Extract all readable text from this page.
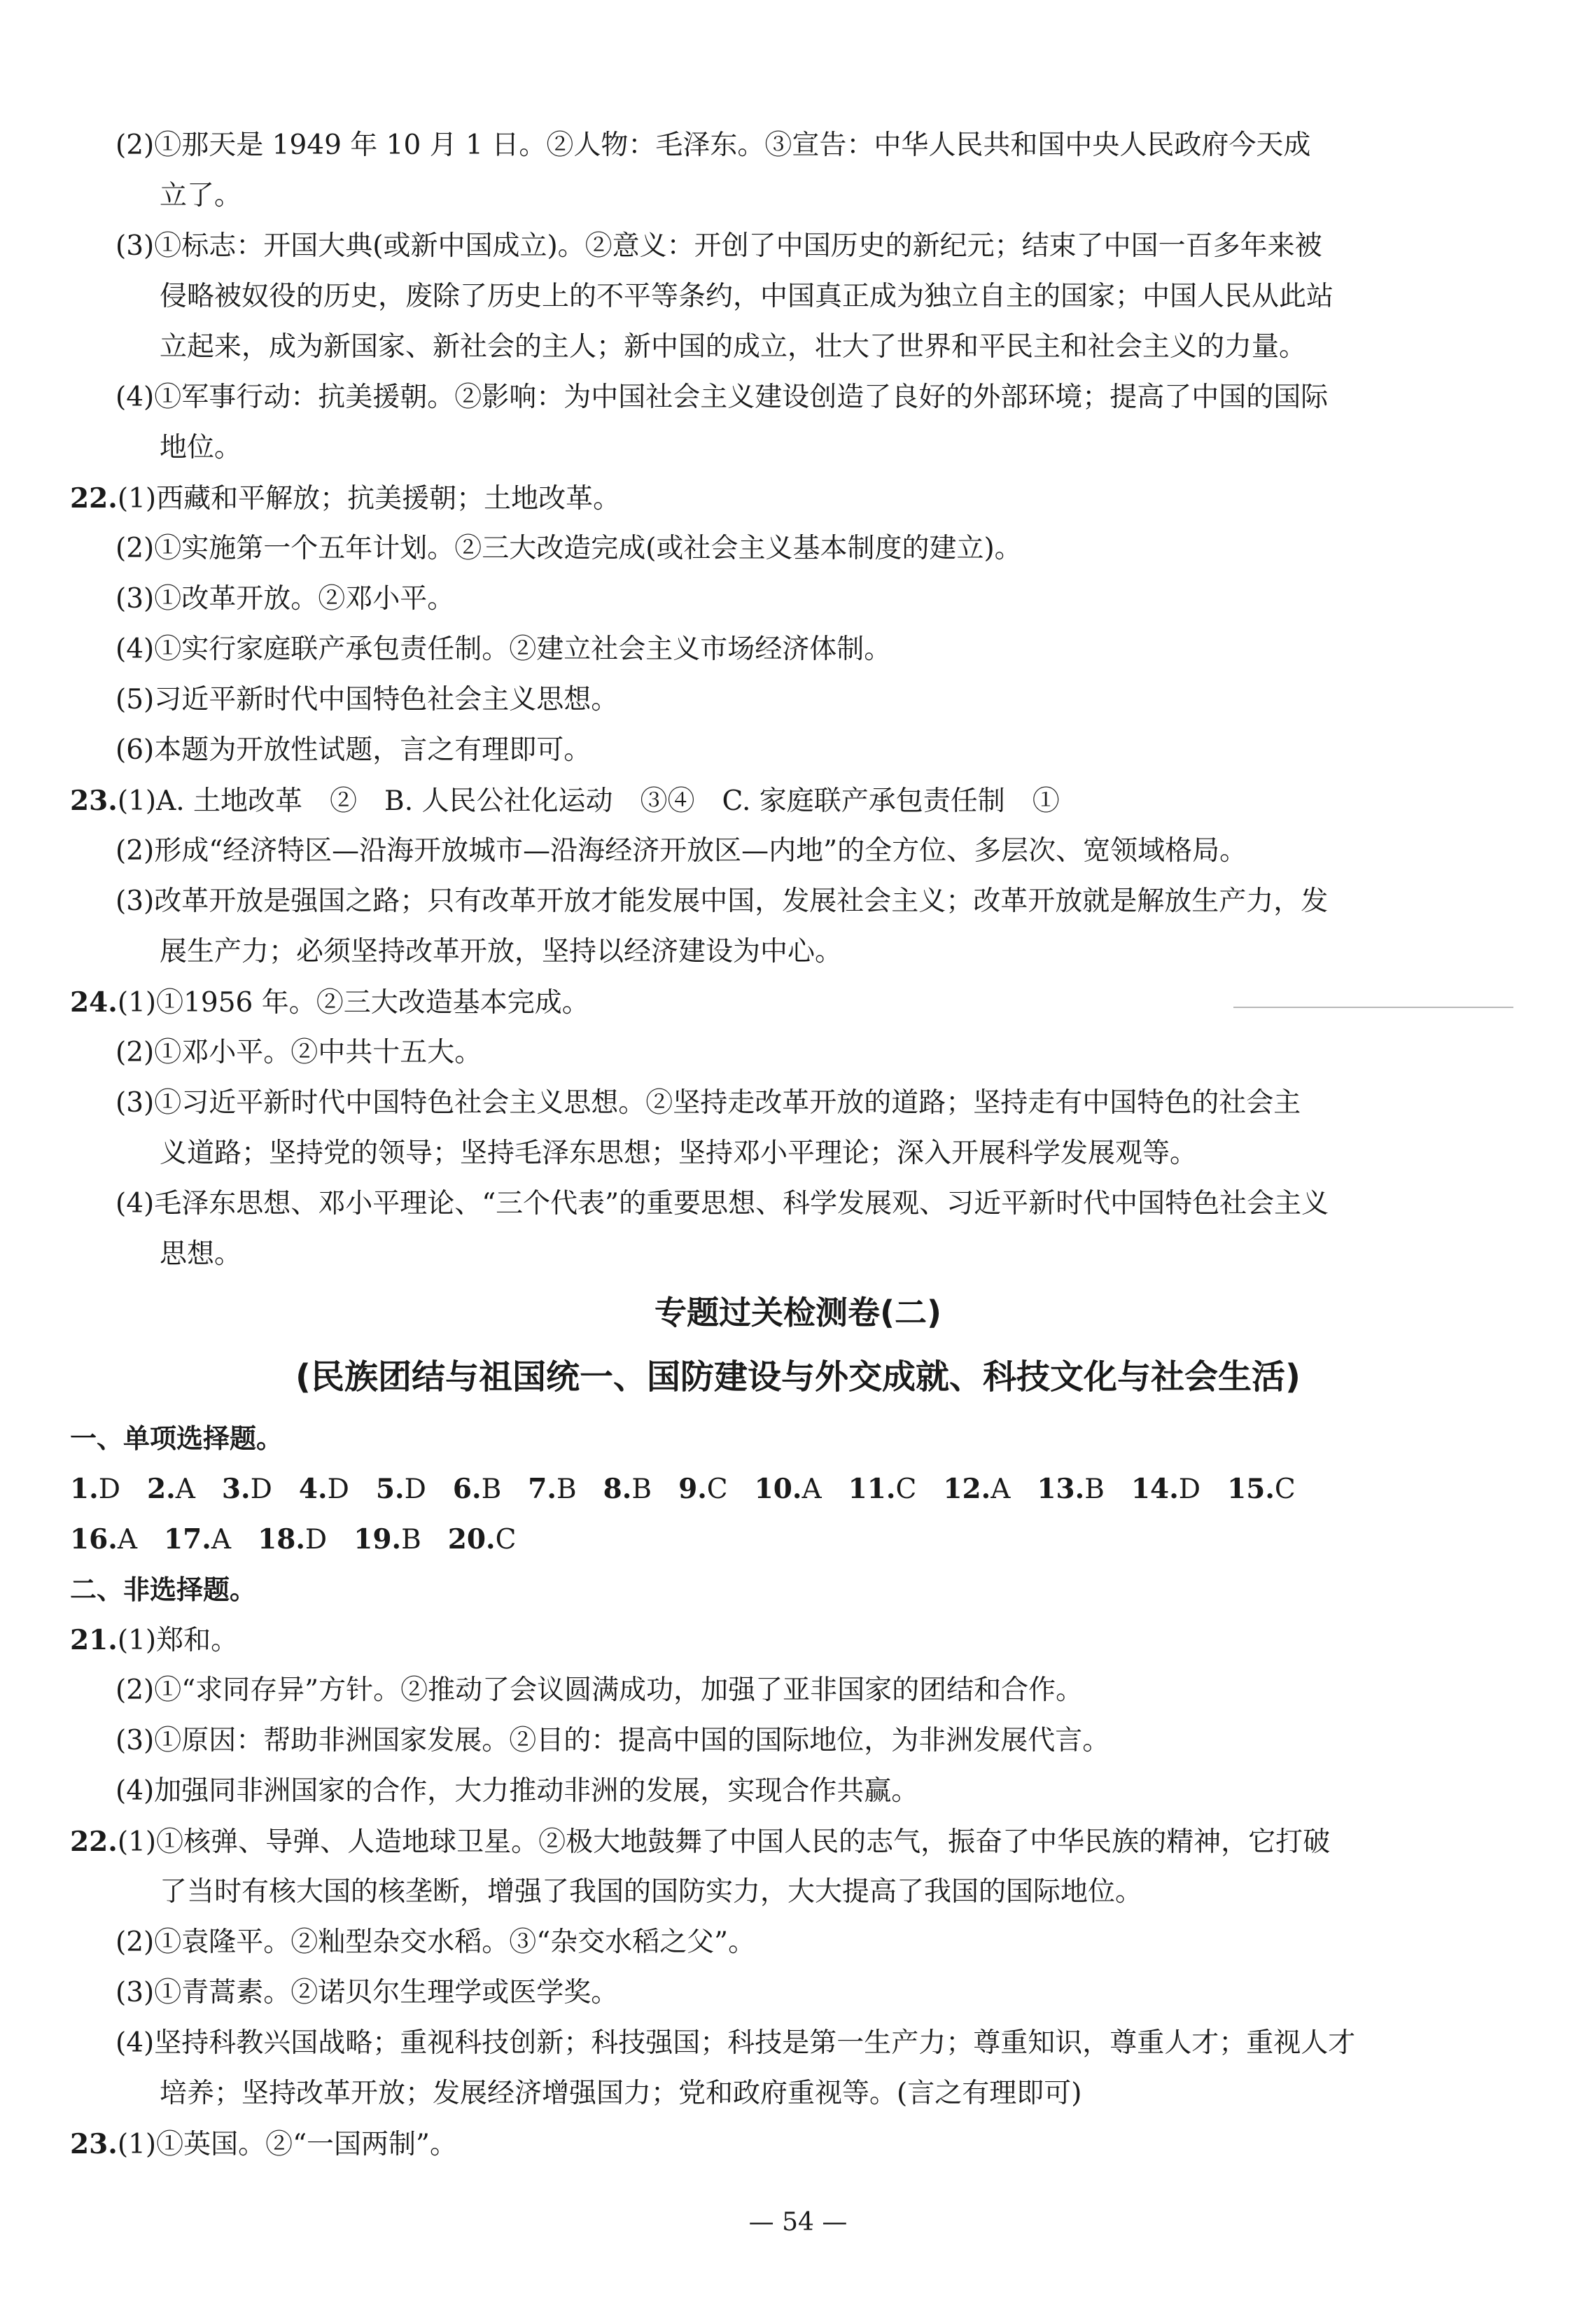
(2)①那天是 1949 年 10 月 1 日。②人物：毛泽东。③宣告：中华人民共和国中央人民政府今天成
立了。
(3)①标志：开国大典(或新中国成立)。②意义：开创了中国历史的新纪元；结束了中国一百多年来被
侵略被奴役的历史，废除了历史上的不平等条约，中国真正成为独立自主的国家；中国人民从此站
立起来，成为新国家、新社会的主人；新中国的成立，壮大了世界和平民主和社会主义的力量。
(4)①军事行动：抗美援朝。②影响：为中国社会主义建设创造了良好的外部环境；提高了中国的国际
地位。
22.(1)西藏和平解放；抗美援朝；土地改革。
(2)①实施第一个五年计划。②三大改造完成(或社会主义基本制度的建立)。
(3)①改革开放。②邓小平。
(4)①实行家庭联产承包责任制。②建立社会主义市场经济体制。
(5)习近平新时代中国特色社会主义思想。
(6)本题为开放性试题，言之有理即可。
23.(1)A. 土地改革　②　B. 人民公社化运动　③④　C. 家庭联产承包责任制　①
(2)形成“经济特区—沿海开放城市—沿海经济开放区—内地”的全方位、多层次、宽领域格局。
(3)改革开放是强国之路；只有改革开放才能发展中国，发展社会主义；改革开放就是解放生产力，发
展生产力；必须坚持改革开放，坚持以经济建设为中心。
24.(1)①1956 年。②三大改造基本完成。
(2)①邓小平。②中共十五大。
(3)①习近平新时代中国特色社会主义思想。②坚持走改革开放的道路；坚持走有中国特色的社会主
义道路；坚持党的领导；坚持毛泽东思想；坚持邓小平理论；深入开展科学发展观等。
(4)毛泽东思想、邓小平理论、“三个代表”的重要思想、科学发展观、习近平新时代中国特色社会主义
思想。
专题过关检测卷(二)
(民族团结与祖国统一、国防建设与外交成就、科技文化与社会生活)
一、单项选择题。
1.D 2.A 3.D 4.D 5.D 6.B 7.B 8.B 9.C 10.A 11.C 12.A 13.B 14.D 15.C
16.A 17.A 18.D 19.B 20.C
二、非选择题。
21.(1)郑和。
(2)①“求同存异”方针。②推动了会议圆满成功，加强了亚非国家的团结和合作。
(3)①原因：帮助非洲国家发展。②目的：提高中国的国际地位，为非洲发展代言。
(4)加强同非洲国家的合作，大力推动非洲的发展，实现合作共赢。
22.(1)①核弹、导弹、人造地球卫星。②极大地鼓舞了中国人民的志气，振奋了中华民族的精神，它打破
了当时有核大国的核垄断，增强了我国的国防实力，大大提高了我国的国际地位。
(2)①袁隆平。②籼型杂交水稻。③“杂交水稻之父”。
(3)①青蒿素。②诺贝尔生理学或医学奖。
(4)坚持科教兴国战略；重视科技创新；科技强国；科技是第一生产力；尊重知识，尊重人才；重视人才
培养；坚持改革开放；发展经济增强国力；党和政府重视等。(言之有理即可)
23.(1)①英国。②“一国两制”。
— 54 —
